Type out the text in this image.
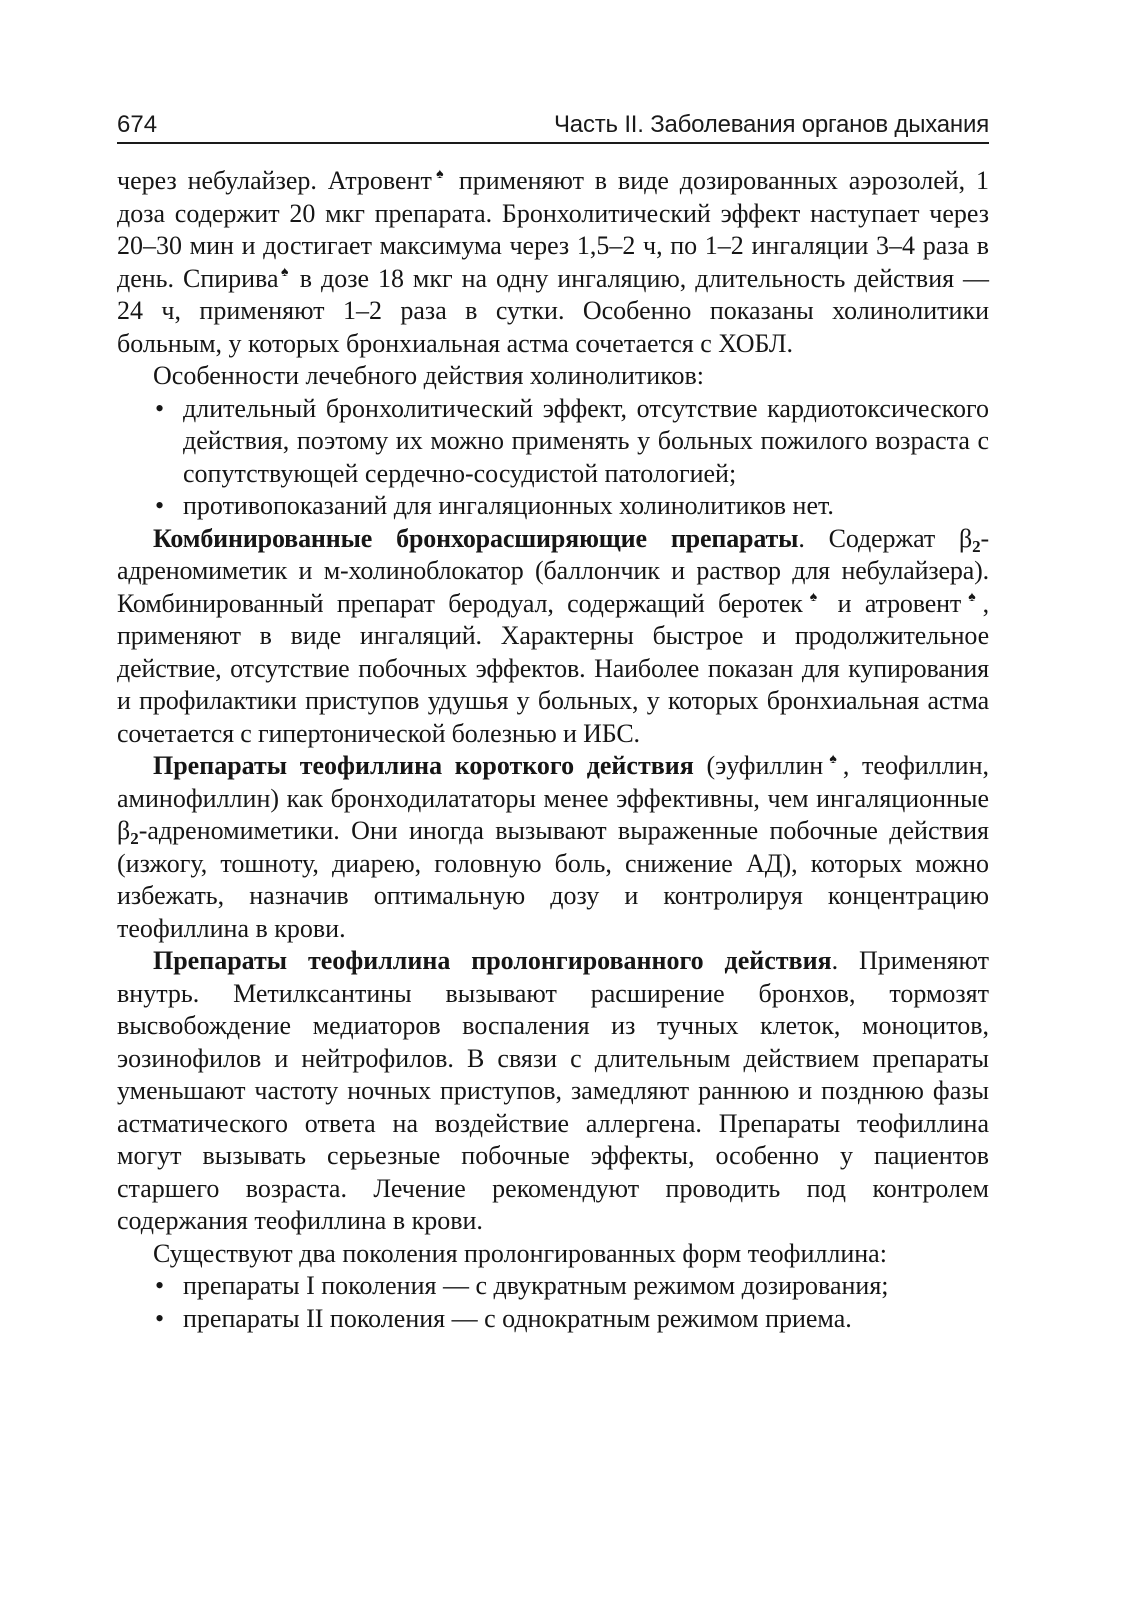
674	Часть II. Заболевания органов дыхания

через небулайзер. Атровент♠ применяют в виде дозированных аэрозолей, 1 доза содержит 20 мкг препарата. Бронхолитический эффект наступает через 20–30 мин и достигает максимума через 1,5–2 ч, по 1–2 ингаляции 3–4 раза в день. Спирива♠ в дозе 18 мкг на одну ингаляцию, длительность действия — 24 ч, применяют 1–2 раза в сутки. Особенно показаны холинолитики больным, у которых бронхиальная астма сочетается с ХОБЛ.

Особенности лечебного действия холинолитиков:

• длительный бронхолитический эффект, отсутствие кардиотоксического действия, поэтому их можно применять у больных пожилого возраста с сопутствующей сердечно-сосудистой патологией;
• противопоказаний для ингаляционных холинолитиков нет.

Комбинированные бронхорасширяющие препараты. Содержат $\beta_2$-адреномиметик и м-холиноблокатор (баллончик и раствор для небулайзера). Комбинированный препарат беродуал, содержащий беротек♠ и атровент♠, применяют в виде ингаляций. Характерны быстрое и продолжительное действие, отсутствие побочных эффектов. Наиболее показан для купирования и профилактики приступов удушья у больных, у которых бронхиальная астма сочетается с гипертонической болезнью и ИБС.

Препараты теофиллина короткого действия (эуфиллин♠, теофиллин, аминофиллин) как бронходилататоры менее эффективны, чем ингаляционные $\beta_2$-адреномиметики. Они иногда вызывают выраженные побочные действия (изжогу, тошноту, диарею, головную боль, снижение АД), которых можно избежать, назначив оптимальную дозу и контролируя концентрацию теофиллина в крови.

Препараты теофиллина пролонгированного действия. Применяют внутрь. Метилксантины вызывают расширение бронхов, тормозят высвобождение медиаторов воспаления из тучных клеток, моноцитов, эозинофилов и нейтрофилов. В связи с длительным действием препараты уменьшают частоту ночных приступов, замедляют раннюю и позднюю фазы астматического ответа на воздействие аллергена. Препараты теофиллина могут вызывать серьезные побочные эффекты, особенно у пациентов старшего возраста. Лечение рекомендуют проводить под контролем содержания теофиллина в крови.

Существуют два поколения пролонгированных форм теофиллина:

• препараты I поколения — с двукратным режимом дозирования;
• препараты II поколения — с однократным режимом приема.
